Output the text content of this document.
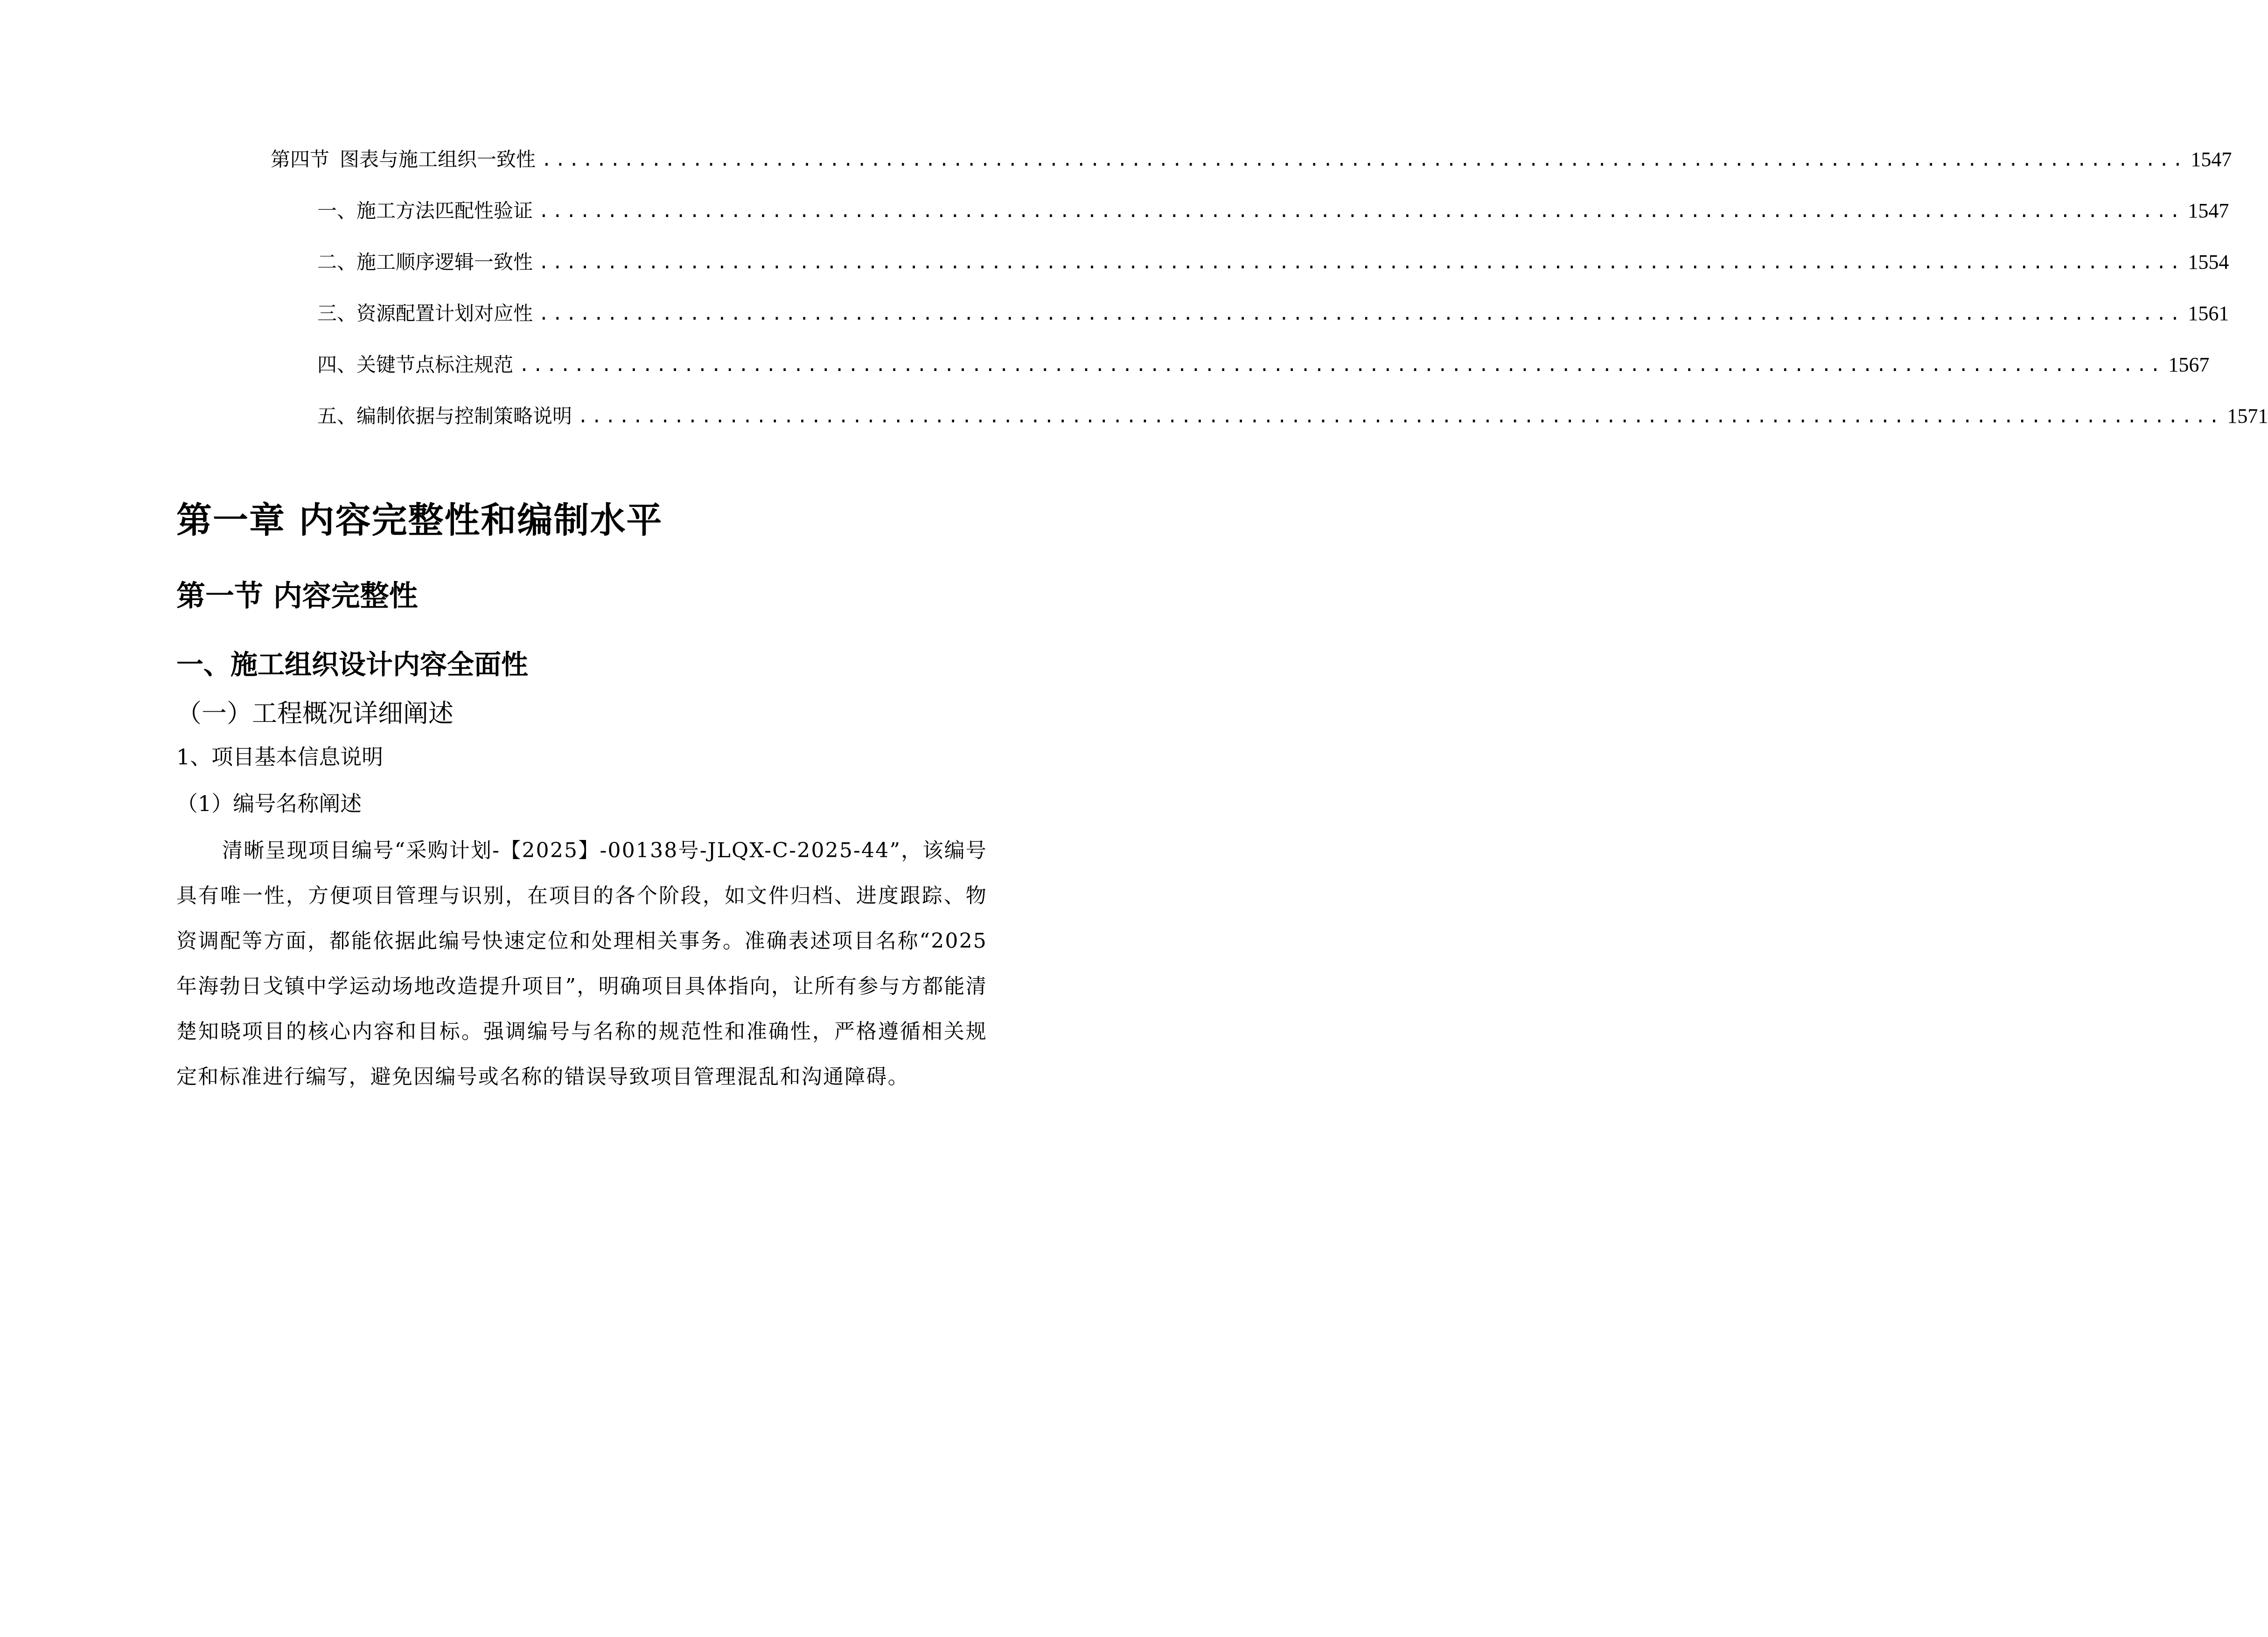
第四节 图表与施工组织一致性 ........................................................................................................................ 1547
一、 施工方法匹配性验证 ........................................................................................................................ 1547
二、 施工顺序逻辑一致性 ........................................................................................................................ 1554
三、 资源配置计划对应性 ........................................................................................................................ 1561
四、 关键节点标注规范 ........................................................................................................................ 1567
五、 编制依据与控制策略说明 ........................................................................................................................ 1571
第一章 内容完整性和编制水平
第一节 内容完整性
一、施工组织设计内容全面性
（一）工程概况详细阐述
1、项目基本信息说明
（1）编号名称阐述

清晰呈现项目编号“采购计划-【2025】-00138号-JLQX-C-2025-44”，该编号具有唯一性，方便项目管理与识别，在项目的各个阶段，如文件归档、进度跟踪、物资调配等方面，都能依据此编号快速定位和处理相关事务。准确表述项目名称“2025年海勃日戈镇中学运动场地改造提升项目”，明确项目具体指向，让所有参与方都能清楚知晓项目的核心内容和目标。强调编号与名称的规范性和准确性，严格遵循相关规定和标准进行编写，避免因编号或名称的错误导致项目管理混乱和沟通障碍。
